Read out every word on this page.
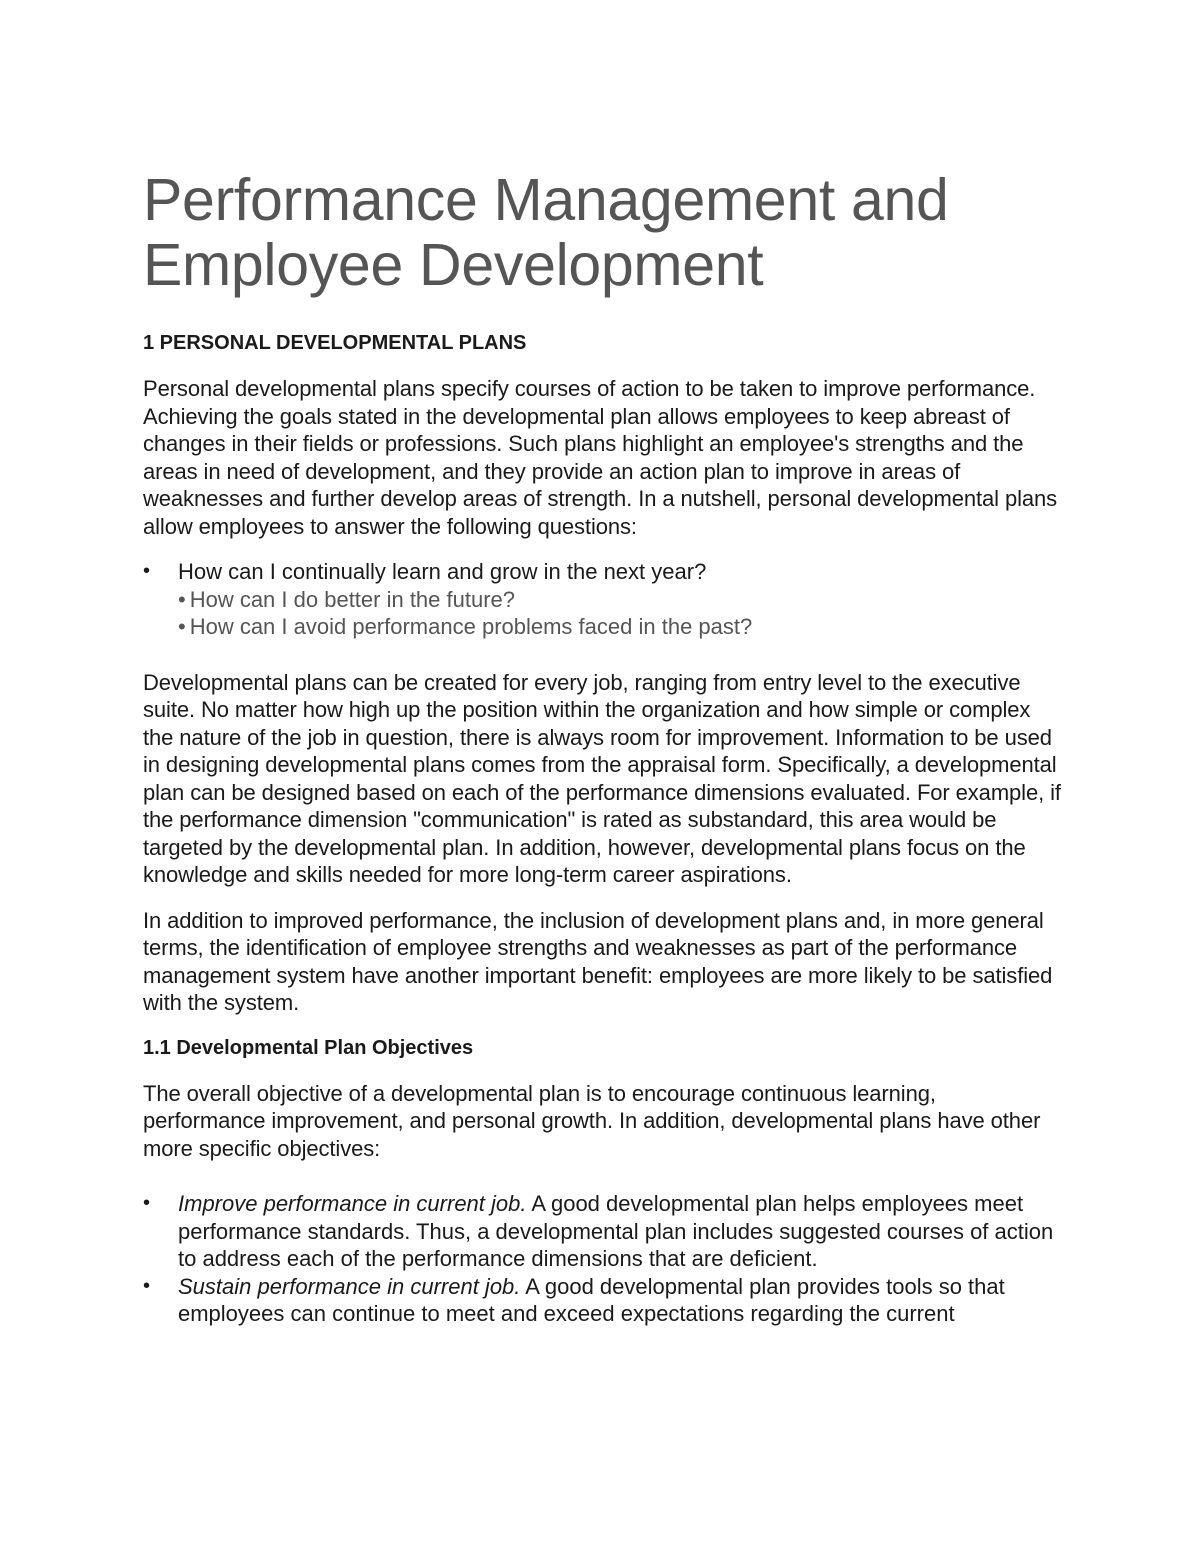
Performance Management and Employee Development
1 PERSONAL DEVELOPMENTAL PLANS

Personal developmental plans specify courses of action to be taken to improve performance. Achieving the goals stated in the developmental plan allows employees to keep abreast of changes in their fields or professions. Such plans highlight an employee's strengths and the areas in need of development, and they provide an action plan to improve in areas of weaknesses and further develop areas of strength. In a nutshell, personal developmental plans allow employees to answer the following questions:

• How can I continually learn and grow in the next year?
• How can I do better in the future?
• How can I avoid performance problems faced in the past?

Developmental plans can be created for every job, ranging from entry level to the executive suite. No matter how high up the position within the organization and how simple or complex the nature of the job in question, there is always room for improvement. Information to be used in designing developmental plans comes from the appraisal form. Specifically, a developmental plan can be designed based on each of the performance dimensions evaluated. For example, if the performance dimension "communication" is rated as substandard, this area would be targeted by the developmental plan. In addition, however, developmental plans focus on the knowledge and skills needed for more long-term career aspirations.

In addition to improved performance, the inclusion of development plans and, in more general terms, the identification of employee strengths and weaknesses as part of the performance management system have another important benefit: employees are more likely to be satisfied with the system.

1.1 Developmental Plan Objectives

The overall objective of a developmental plan is to encourage continuous learning, performance improvement, and personal growth. In addition, developmental plans have other more specific objectives:

• Improve performance in current job. A good developmental plan helps employees meet performance standards. Thus, a developmental plan includes suggested courses of action to address each of the performance dimensions that are deficient.
• Sustain performance in current job. A good developmental plan provides tools so that employees can continue to meet and exceed expectations regarding the current
